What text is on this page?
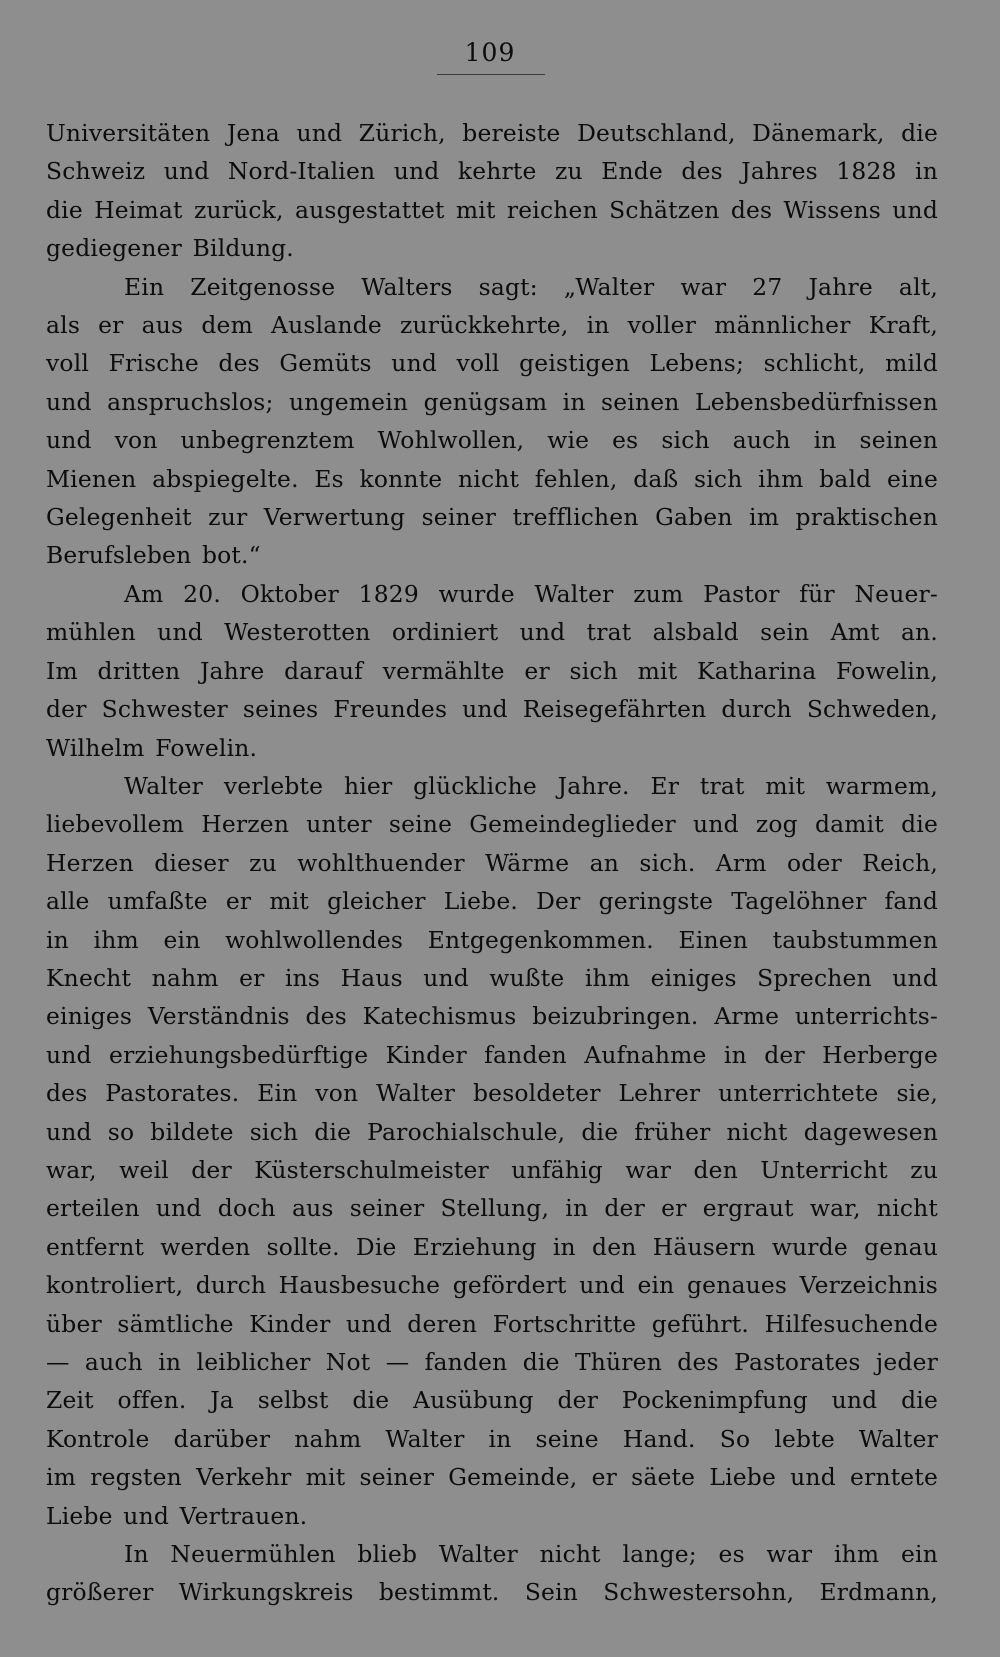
109
Universitäten Jena und Zürich, bereiste Deutschland, Dänemark, die
Schweiz und Nord-Italien und kehrte zu Ende des Jahres 1828 in
die Heimat zurück, ausgestattet mit reichen Schätzen des Wissens und
gediegener Bildung.
Ein Zeitgenosse Walters sagt: „Walter war 27 Jahre alt,
als er aus dem Auslande zurückkehrte, in voller männlicher Kraft,
voll Frische des Gemüts und voll geistigen Lebens; schlicht, mild
und anspruchslos; ungemein genügsam in seinen Lebensbedürfnissen
und von unbegrenztem Wohlwollen, wie es sich auch in seinen
Mienen abspiegelte. Es konnte nicht fehlen, daß sich ihm bald eine
Gelegenheit zur Verwertung seiner trefflichen Gaben im praktischen
Berufsleben bot.“
Am 20. Oktober 1829 wurde Walter zum Pastor für Neuer-
mühlen und Westerotten ordiniert und trat alsbald sein Amt an.
Im dritten Jahre darauf vermählte er sich mit Katharina Fowelin,
der Schwester seines Freundes und Reisegefährten durch Schweden,
Wilhelm Fowelin.
Walter verlebte hier glückliche Jahre. Er trat mit warmem,
liebevollem Herzen unter seine Gemeindeglieder und zog damit die
Herzen dieser zu wohlthuender Wärme an sich. Arm oder Reich,
alle umfaßte er mit gleicher Liebe. Der geringste Tagelöhner fand
in ihm ein wohlwollendes Entgegenkommen. Einen taubstummen
Knecht nahm er ins Haus und wußte ihm einiges Sprechen und
einiges Verständnis des Katechismus beizubringen. Arme unterrichts-
und erziehungsbedürftige Kinder fanden Aufnahme in der Herberge
des Pastorates. Ein von Walter besoldeter Lehrer unterrichtete sie,
und so bildete sich die Parochialschule, die früher nicht dagewesen
war, weil der Küsterschulmeister unfähig war den Unterricht zu
erteilen und doch aus seiner Stellung, in der er ergraut war, nicht
entfernt werden sollte. Die Erziehung in den Häusern wurde genau
kontroliert, durch Hausbesuche gefördert und ein genaues Verzeichnis
über sämtliche Kinder und deren Fortschritte geführt. Hilfesuchende
— auch in leiblicher Not — fanden die Thüren des Pastorates jeder
Zeit offen. Ja selbst die Ausübung der Pockenimpfung und die
Kontrole darüber nahm Walter in seine Hand. So lebte Walter
im regsten Verkehr mit seiner Gemeinde, er säete Liebe und erntete
Liebe und Vertrauen.
In Neuermühlen blieb Walter nicht lange; es war ihm ein
größerer Wirkungskreis bestimmt. Sein Schwestersohn, Erdmann,
